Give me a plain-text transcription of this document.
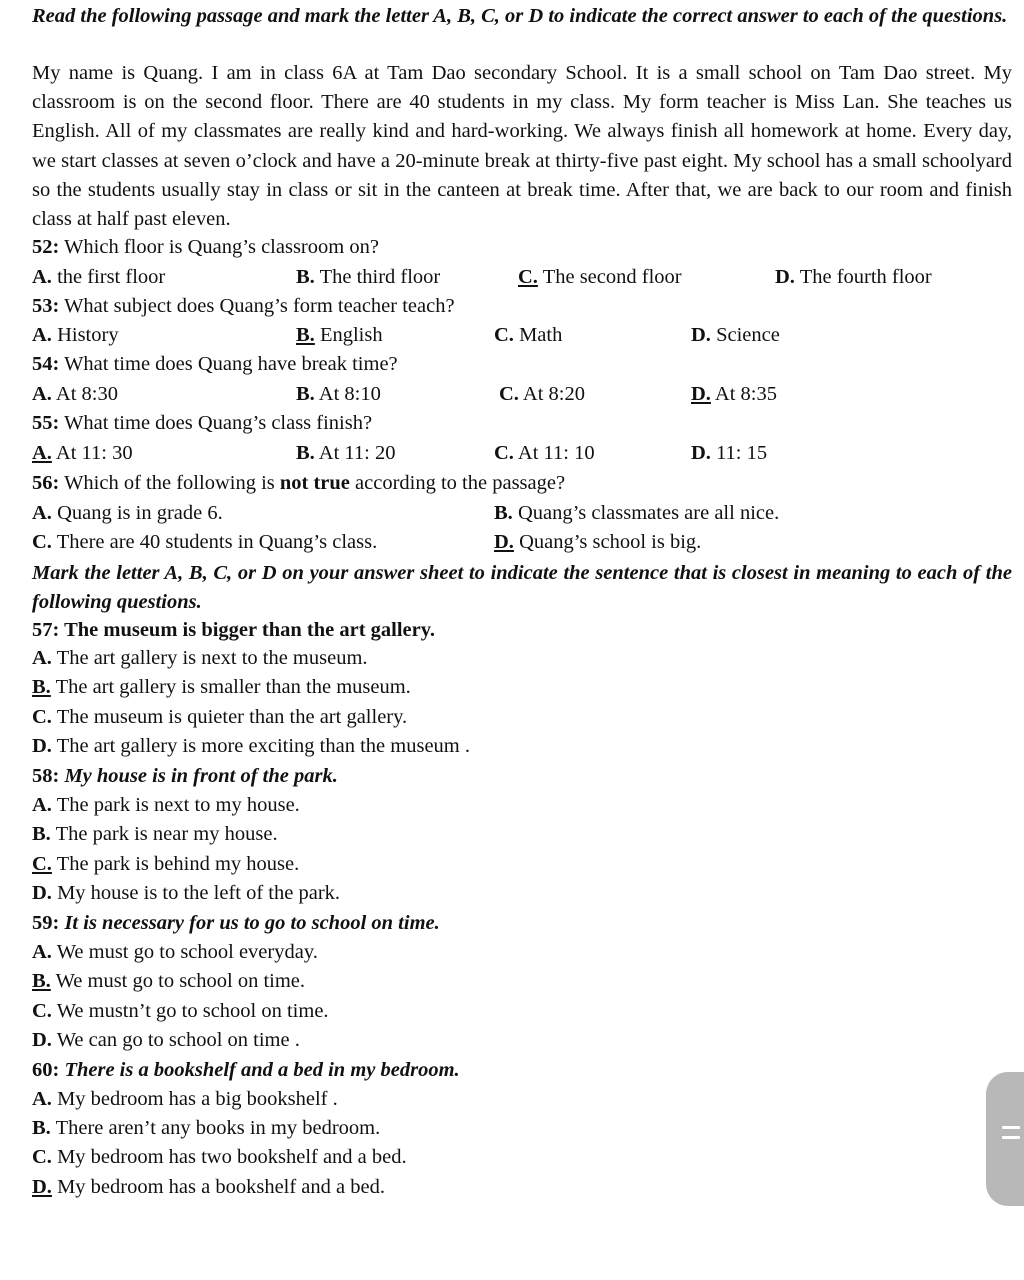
Read the following passage and mark the letter A, B, C, or D to indicate the correct answer to each of the questions.
My name is Quang. I am in class 6A at Tam Dao secondary School. It is a small school on Tam Dao street. My classroom is on the second floor. There are 40 students in my class. My form teacher is Miss Lan. She teaches us English. All of my classmates are really kind and hard-working. We always finish all homework at home. Every day, we start classes at seven o’clock and have a 20-minute break at thirty-five past eight. My school has a small schoolyard so the students usually stay in class or sit in the canteen at break time. After that, we are back to our room and finish class at half past eleven.
52: Which floor is Quang’s classroom on?
A. the first floor	B. The third floor	C. The second floor	D. The fourth floor
53: What subject does Quang’s form teacher teach?
A. History	B. English	C. Math	D. Science
54: What time does Quang have break time?
A. At 8:30	B. At 8:10	C. At 8:20	D. At 8:35
55: What time does Quang’s class finish?
A. At 11: 30	B. At 11: 20	C. At 11: 10	D. 11: 15
56: Which of the following is not true according to the passage?
A. Quang is in grade 6.	B. Quang’s classmates are all nice.
C. There are 40 students in Quang’s class.	D. Quang’s school is big.
Mark the letter A, B, C, or D on your answer sheet to indicate the sentence that is closest in meaning to each of the following questions.
57: The museum is bigger than the art gallery.
A. The art gallery is next to the museum.
B. The art gallery is smaller than the museum.
C. The museum is quieter than the art gallery.
D. The art gallery is more exciting than the museum .
58: My house is in front of the park.
A. The park is next to my house.
B. The park is near my house.
C. The park is behind my house.
D. My house is to the left of the park.
59: It is necessary for us to go to school on time.
A. We must go to school everyday.
B. We must go to school on time.
C. We mustn’t go to school on time.
D. We can go to school on time .
60: There is a bookshelf and a bed in my bedroom.
A. My bedroom has a big bookshelf .
B. There aren’t any books in my bedroom.
C. My bedroom has two bookshelf and a bed.
D. My bedroom has a bookshelf and a bed.
